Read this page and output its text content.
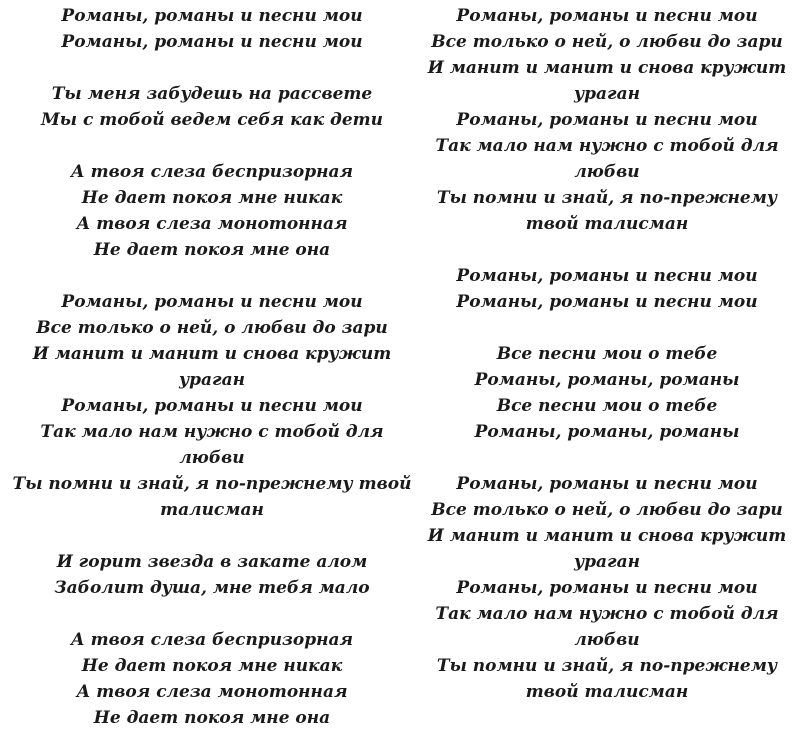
Романы, романы и песни мои
Романы, романы и песни мои
Ты меня забудешь на рассвете
Мы с тобой ведем себя как дети
А твоя слеза беспризорная
Не дает покоя мне никак
А твоя слеза монотонная
Не дает покоя мне она
Романы, романы и песни мои
Все только о ней, о любви до зари
И манит и манит и снова кружит ураган
Романы, романы и песни мои
Так мало нам нужно с тобой для любви
Ты помни и знай, я по-прежнему твой талисман
И горит звезда в закате алом
Заболит душа, мне тебя мало
А твоя слеза беспризорная
Не дает покоя мне никак
А твоя слеза монотонная
Не дает покоя мне она
Романы, романы и песни мои
Все только о ней, о любви до зари
И манит и манит и снова кружит ураган
Романы, романы и песни мои
Так мало нам нужно с тобой для любви
Ты помни и знай, я по-прежнему твой талисман
Романы, романы и песни мои
Романы, романы и песни мои
Все песни мои о тебе
Романы, романы, романы
Все песни мои о тебе
Романы, романы, романы
Романы, романы и песни мои
Все только о ней, о любви до зари
И манит и манит и снова кружит ураган
Романы, романы и песни мои
Так мало нам нужно с тобой для любви
Ты помни и знай, я по-прежнему твой талисман
